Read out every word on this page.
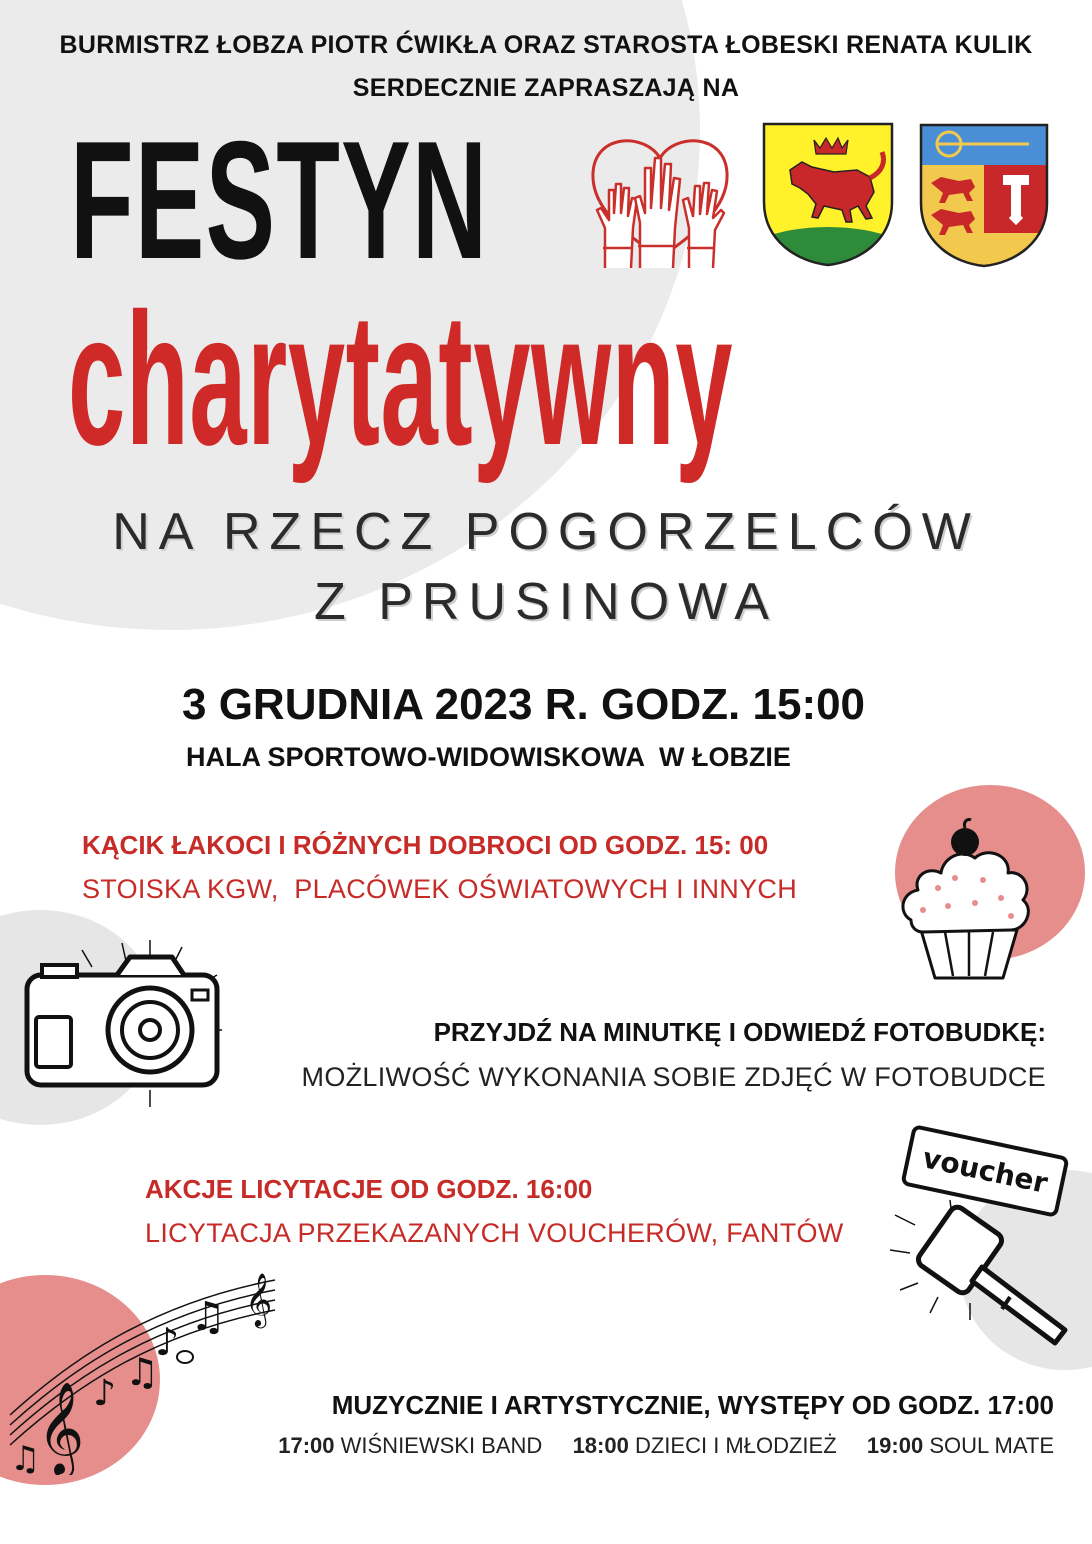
BURMISTRZ ŁOBZA PIOTR ĆWIKŁA ORAZ STAROSTA ŁOBESKI RENATA KULIK
SERDECZNIE ZAPRASZAJĄ NA
FESTYN
charytatywny
NA RZECZ POGORZELCÓW
Z PRUSINOWA
3 GRUDNIA 2023 R. GODZ. 15:00
HALA SPORTOWO-WIDOWISKOWA  W ŁOBZIE
KĄCIK ŁAKOCI I RÓŻNYCH DOBROCI OD GODZ. 15: 00
STOISKA KGW,  PLACÓWEK OŚWIATOWYCH I INNYCH
PRZYJDŹ NA MINUTKĘ I ODWIEDŹ FOTOBUDKĘ:
MOŻLIWOŚĆ WYKONANIA SOBIE ZDJĘĆ W FOTOBUDCE
AKCJE LICYTACJE OD GODZ. 16:00
LICYTACJA PRZEKAZANYCH VOUCHERÓW, FANTÓW
voucher
𝄞
𝄞
♫
♪
♫
♪
♫
MUZYCZNIE I ARTYSTYCZNIE, WYSTĘPY OD GODZ. 17:00
17:00 WIŚNIEWSKI BAND 18:00 DZIECI I MŁODZIEŻ 19:00 SOUL MATE
